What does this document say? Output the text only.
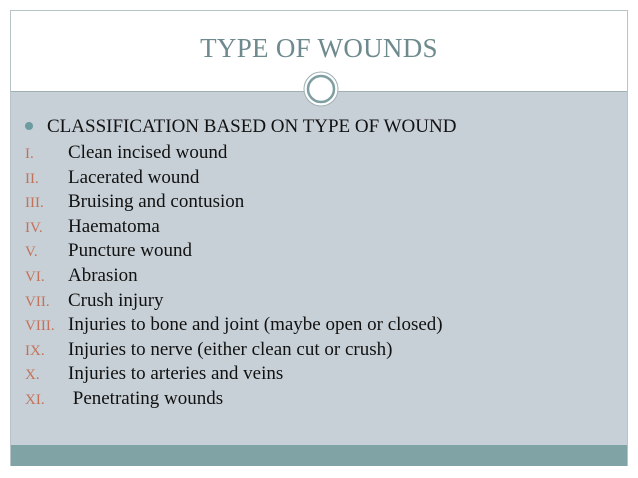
TYPE OF WOUNDS
CLASSIFICATION BASED ON TYPE OF WOUND
I. Clean incised wound
II. Lacerated wound
III. Bruising and contusion
IV. Haematoma
V. Puncture wound
VI. Abrasion
VII. Crush injury
VIII. Injuries to bone and joint (maybe open or closed)
IX. Injuries to nerve (either clean cut or crush)
X. Injuries to arteries and veins
XI. Penetrating wounds
